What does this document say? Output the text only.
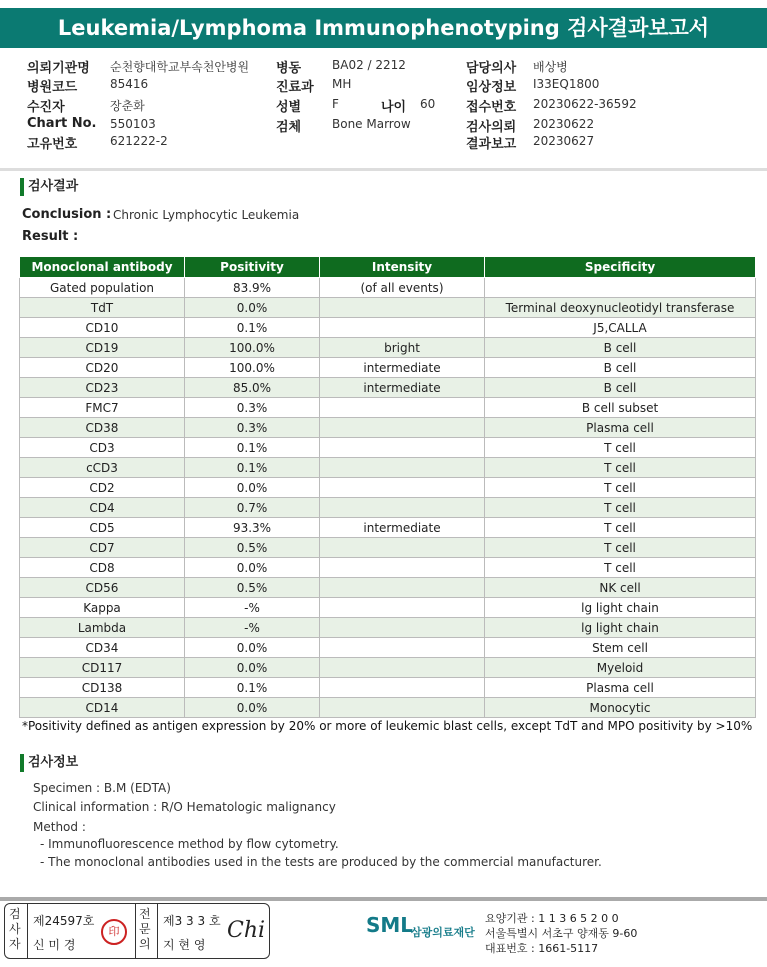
Leukemia/Lymphoma Immunophenotyping 검사결과보고서
의뢰기관명 순천향대학교부속천안병원
병원코드	85416
수진자	장춘화
Chart No. 550103
고유번호	621222-2
병동	BA02 / 2212
진료과 MH
성별	F
검체	Bone Marrow
담당의사 배상병
임상정보 I33EQ1800
접수번호 20230622-36592
검사의뢰 20230622
결과보고 20230627
나이 60
검사결과
Conclusion : Chronic Lymphocytic Leukemia
Result :
Monoclonal antibody	Positivity	Intensity	Specificity
Gated population	83.9%	(of all events)	
TdT	0.0%		Terminal deoxynucleotidyl transferase
CD10	0.1%		J5,CALLA
CD19	100.0%	bright	B cell
CD20	100.0%	intermediate	B cell
CD23	85.0%	intermediate	B cell
FMC7	0.3%		B cell subset
CD38	0.3%		Plasma cell
CD3	0.1%		T cell
cCD3	0.1%		T cell
CD2	0.0%		T cell
CD4	0.7%		T cell
CD5	93.3%	intermediate	T cell
CD7	0.5%		T cell
CD8	0.0%		T cell
CD56	0.5%		NK cell
Kappa	-%		lg light chain
Lambda	-%		lg light chain
CD34	0.0%		Stem cell
CD117	0.0%		Myeloid
CD138	0.1%		Plasma cell
CD14	0.0%		Monocytic
*Positivity defined as antigen expression by 20% or more of leukemic blast cells, except TdT and MPO positivity by >10%
검사정보
Specimen : B.M (EDTA)
Clinical information : R/O Hematologic malignancy
Method :
- Immunofluorescence method by flow cytometry.
- The monoclonal antibodies used in the tests are produced by the commercial manufacturer.
검사자
제24597호
신 미 경
印
전문의
제3 3 3 호
지 현 영
Chi	SML
삼광의료재단
요양기관 : 1 1 3 6 5 2 0 0
서울특별시 서초구 양재동 9-60
대표번호 : 1661-5117
